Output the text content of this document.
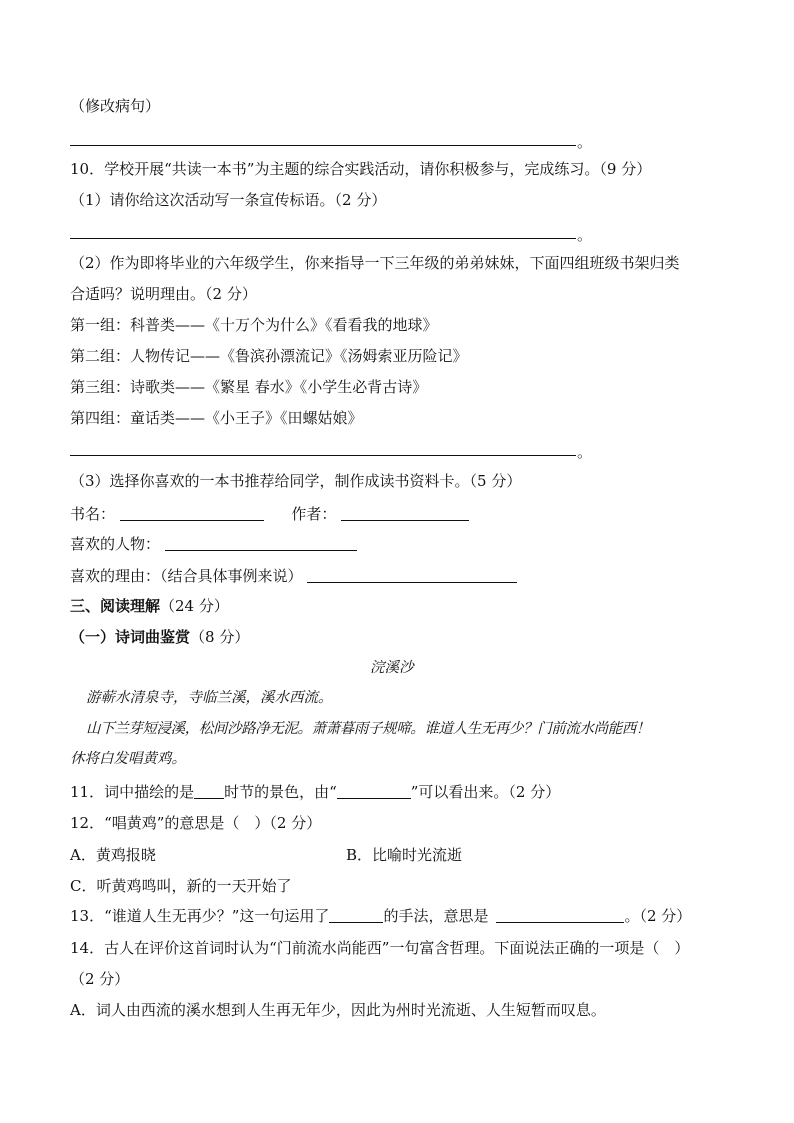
（修改病句）
。
10．学校开展“共读一本书”为主题的综合实践活动，请你积极参与，完成练习。（9 分）
（1）请你给这次活动写一条宣传标语。（2 分）
。
（2）作为即将毕业的六年级学生，你来指导一下三年级的弟弟妹妹，下面四组班级书架归类
合适吗？说明理由。（2 分）
第一组：科普类——《十万个为什么》《看看我的地球》
第二组：人物传记——《鲁滨孙漂流记》《汤姆索亚历险记》
第三组：诗歌类——《繁星 春水》《小学生必背古诗》
第四组：童话类——《小王子》《田螺姑娘》
。
（3）选择你喜欢的一本书推荐给同学，制作成读书资料卡。（5 分）
书名：	作者：
喜欢的人物：
喜欢的理由：（结合具体事例来说）
三、阅读理解（24 分）
（一）诗词曲鉴赏（8 分）
浣溪沙
游蕲水清泉寺，寺临兰溪，溪水西流。
山下兰芽短浸溪，松间沙路净无泥。萧萧暮雨子规啼。谁道人生无再少？门前流水尚能西！
休将白发唱黄鸡。
11．词中描绘的是 时节的景色，由“	”可以看出来。（2 分）
12．“唱黄鸡”的意思是（　）（2 分）
A．黄鸡报晓	B．比喻时光流逝
C．听黄鸡鸣叫，新的一天开始了
13．“谁道人生无再少？”这一句运用了	的手法，意思是	。（2 分）
14．古人在评价这首词时认为“门前流水尚能西”一句富含哲理。下面说法正确的一项是（　）
（2 分）
A．词人由西流的溪水想到人生再无年少，因此为州时光流逝、人生短暂而叹息。
